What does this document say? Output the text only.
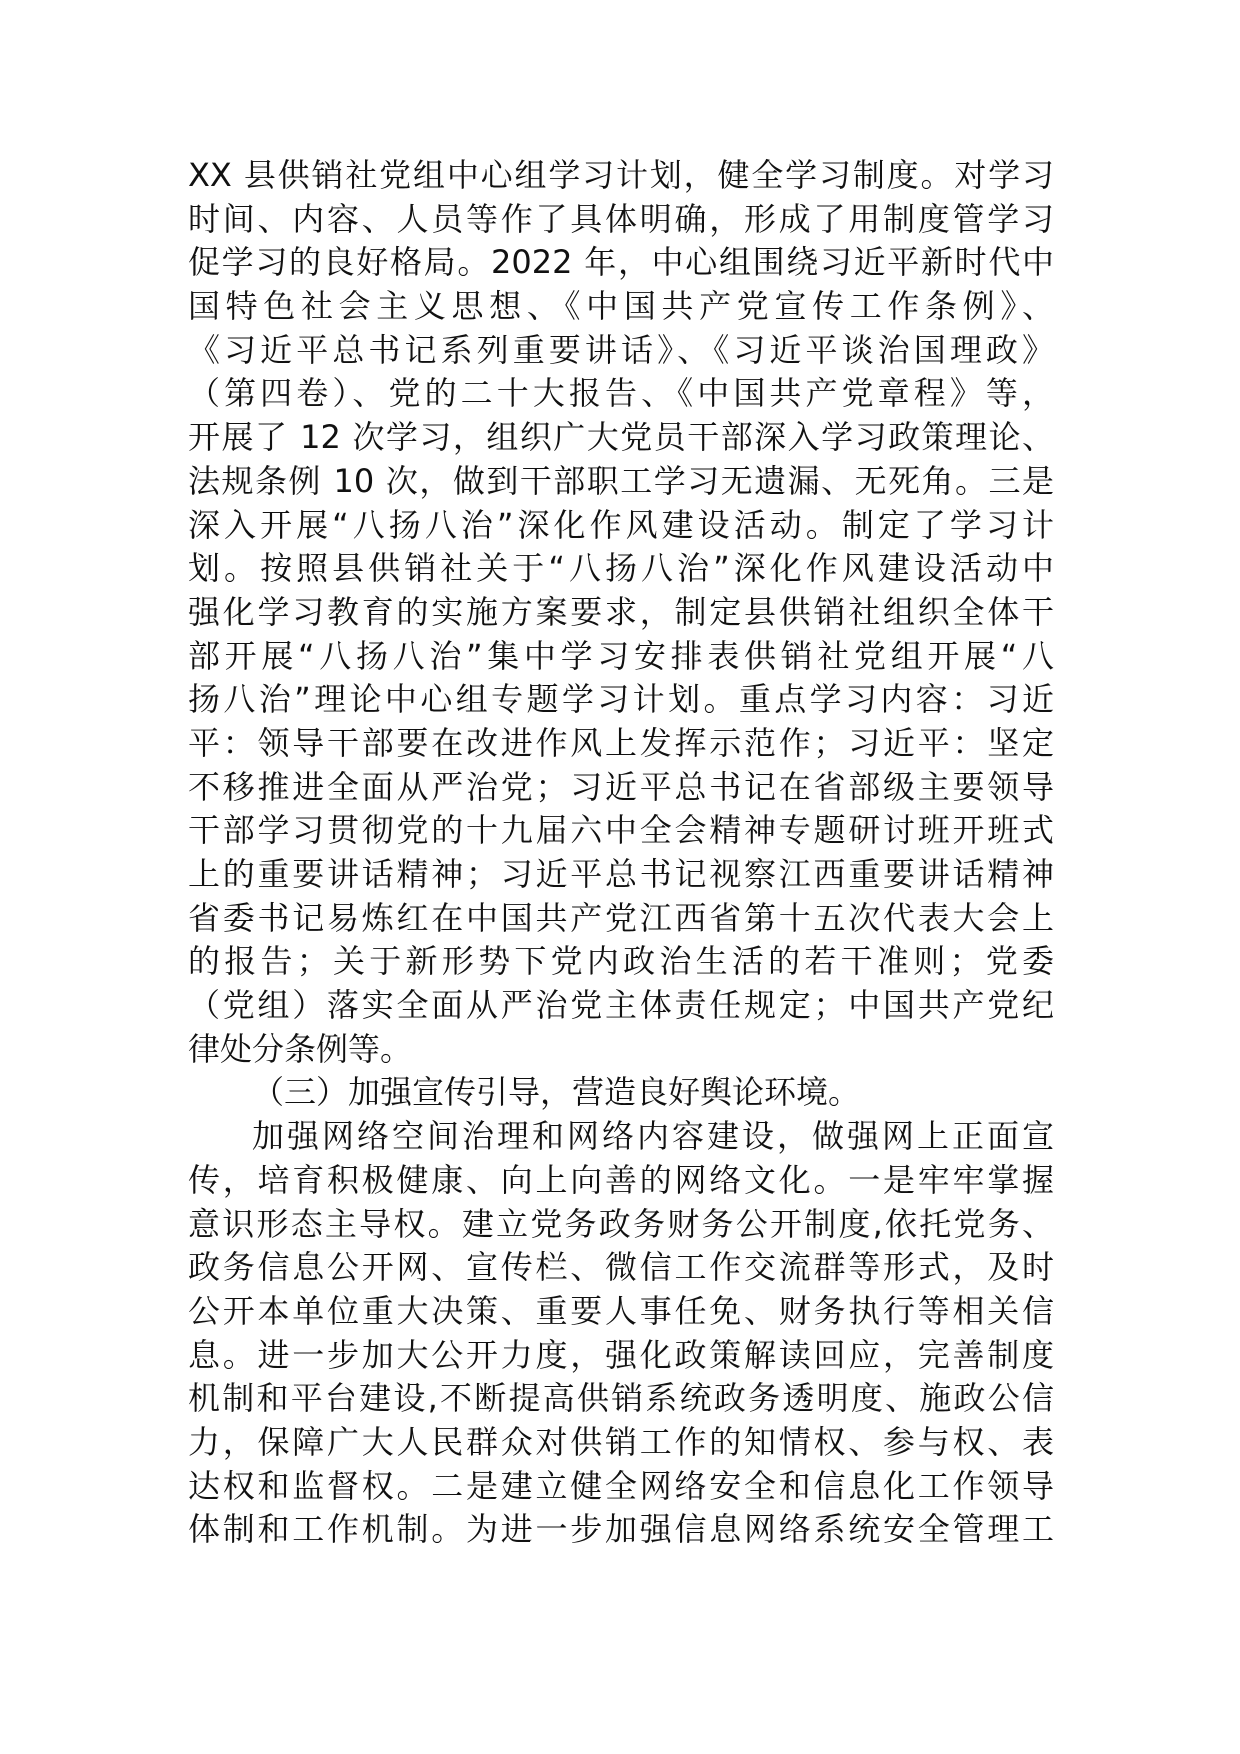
XX 县供销社党组中心组学习计划，健全学习制度。对学习
时间、内容、人员等作了具体明确，形成了用制度管学习
促学习的良好格局。2022 年，中心组围绕习近平新时代中
国特色社会主义思想、《中国共产党宣传工作条例》、
《习近平总书记系列重要讲话》、《习近平谈治国理政》
（第四卷）、党的二十大报告、《中国共产党章程》等，
开展了 12 次学习，组织广大党员干部深入学习政策理论、
法规条例 10 次，做到干部职工学习无遗漏、无死角。三是
深入开展“八扬八治”深化作风建设活动。制定了学习计
划。按照县供销社关于“八扬八治”深化作风建设活动中
强化学习教育的实施方案要求，制定县供销社组织全体干
部开展“八扬八治”集中学习安排表供销社党组开展“八
扬八治”理论中心组专题学习计划。重点学习内容：习近
平：领导干部要在改进作风上发挥示范作；习近平：坚定
不移推进全面从严治党；习近平总书记在省部级主要领导
干部学习贯彻党的十九届六中全会精神专题研讨班开班式
上的重要讲话精神；习近平总书记视察江西重要讲话精神
省委书记易炼红在中国共产党江西省第十五次代表大会上
的报告；关于新形势下党内政治生活的若干准则；党委
（党组）落实全面从严治党主体责任规定；中国共产党纪
律处分条例等。
（三）加强宣传引导，营造良好舆论环境。
加强网络空间治理和网络内容建设，做强网上正面宣
传，培育积极健康、向上向善的网络文化。一是牢牢掌握
意识形态主导权。建立党务政务财务公开制度,依托党务、
政务信息公开网、宣传栏、微信工作交流群等形式，及时
公开本单位重大决策、重要人事任免、财务执行等相关信
息。进一步加大公开力度，强化政策解读回应，完善制度
机制和平台建设,不断提高供销系统政务透明度、施政公信
力，保障广大人民群众对供销工作的知情权、参与权、表
达权和监督权。二是建立健全网络安全和信息化工作领导
体制和工作机制。为进一步加强信息网络系统安全管理工
